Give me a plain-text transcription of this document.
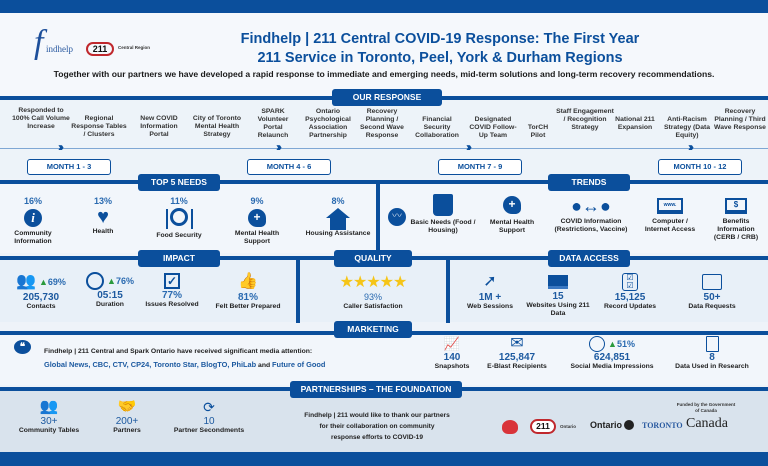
f indhelp	211	Central Region
Findhelp | 211 Central COVID-19 Response: The First Year
211 Service in Toronto, Peel, York & Durham Regions
Together with our partners we have developed a rapid response to immediate and emerging needs, mid-term solutions and long-term recovery recommendations.
OUR RESPONSE
Responded to 100% Call Volume Increase
Regional Response Tables / Clusters
New COVID Information Portal
City of Toronto Mental Health Strategy
SPARK Volunteer Portal Relaunch
Ontario Psychological Association Partnership
Recovery Planning / Second Wave Response
Financial Security Collaboration
Designated COVID Follow-Up Team
TorCH Pilot
Staff Engagement / Recognition Strategy
National 211 Expansion
Anti-Racism Strategy (Data Equity)
Recovery Planning / Third Wave Response
›››	›››	›››	›››
MONTH 1 - 3	MONTH 4 - 6	MONTH 7 - 9	MONTH 10 - 12
TOP 5 NEEDS	TRENDS
16%
i
Community Information
13%
♥
Health
11%
Food Security
9%
+
Mental Health Support
8%
Housing Assistance
〰
Basic Needs (Food / Housing)
+
Mental Health Support
●↔●
COVID Information (Restrictions, Vaccine)
www.
Computer / Internet Access
$
Benefits Information (CERB / CRB)
IMPACT	QUALITY	DATA ACCESS
👥 ▲69%
205,730
Contacts
▲76%
05:15
Duration
✓
77%
Issues Resolved
👍
81%
Felt Better Prepared
★★★★★
93%
Caller Satisfaction
➚
1M +
Web Sessions
15
Websites Using 211 Data
☑
☑
15,125
Record Updates
50+
Data Requests
MARKETING
❝	Findhelp | 211 Central and Spark Ontario have received significant media attention:
Global News, CBC, CTV, CP24, Toronto Star, BlogTO, PhiLab and Future of Good
📈
140
Snapshots
✉
125,847
E-Blast Recipients
▲51%
624,851
Social Media Impressions
8
Data Used in Research
PARTNERSHIPS – THE FOUNDATION
👥
30+
Community Tables
🤝
200+
Partners
⟳
10
Partner Secondments
Findhelp | 211 would like to thank our partners
for their collaboration on community
response efforts to COVID-19
Funded by the Government of Canada
211	Ontario Ontario TORONTO Canada
